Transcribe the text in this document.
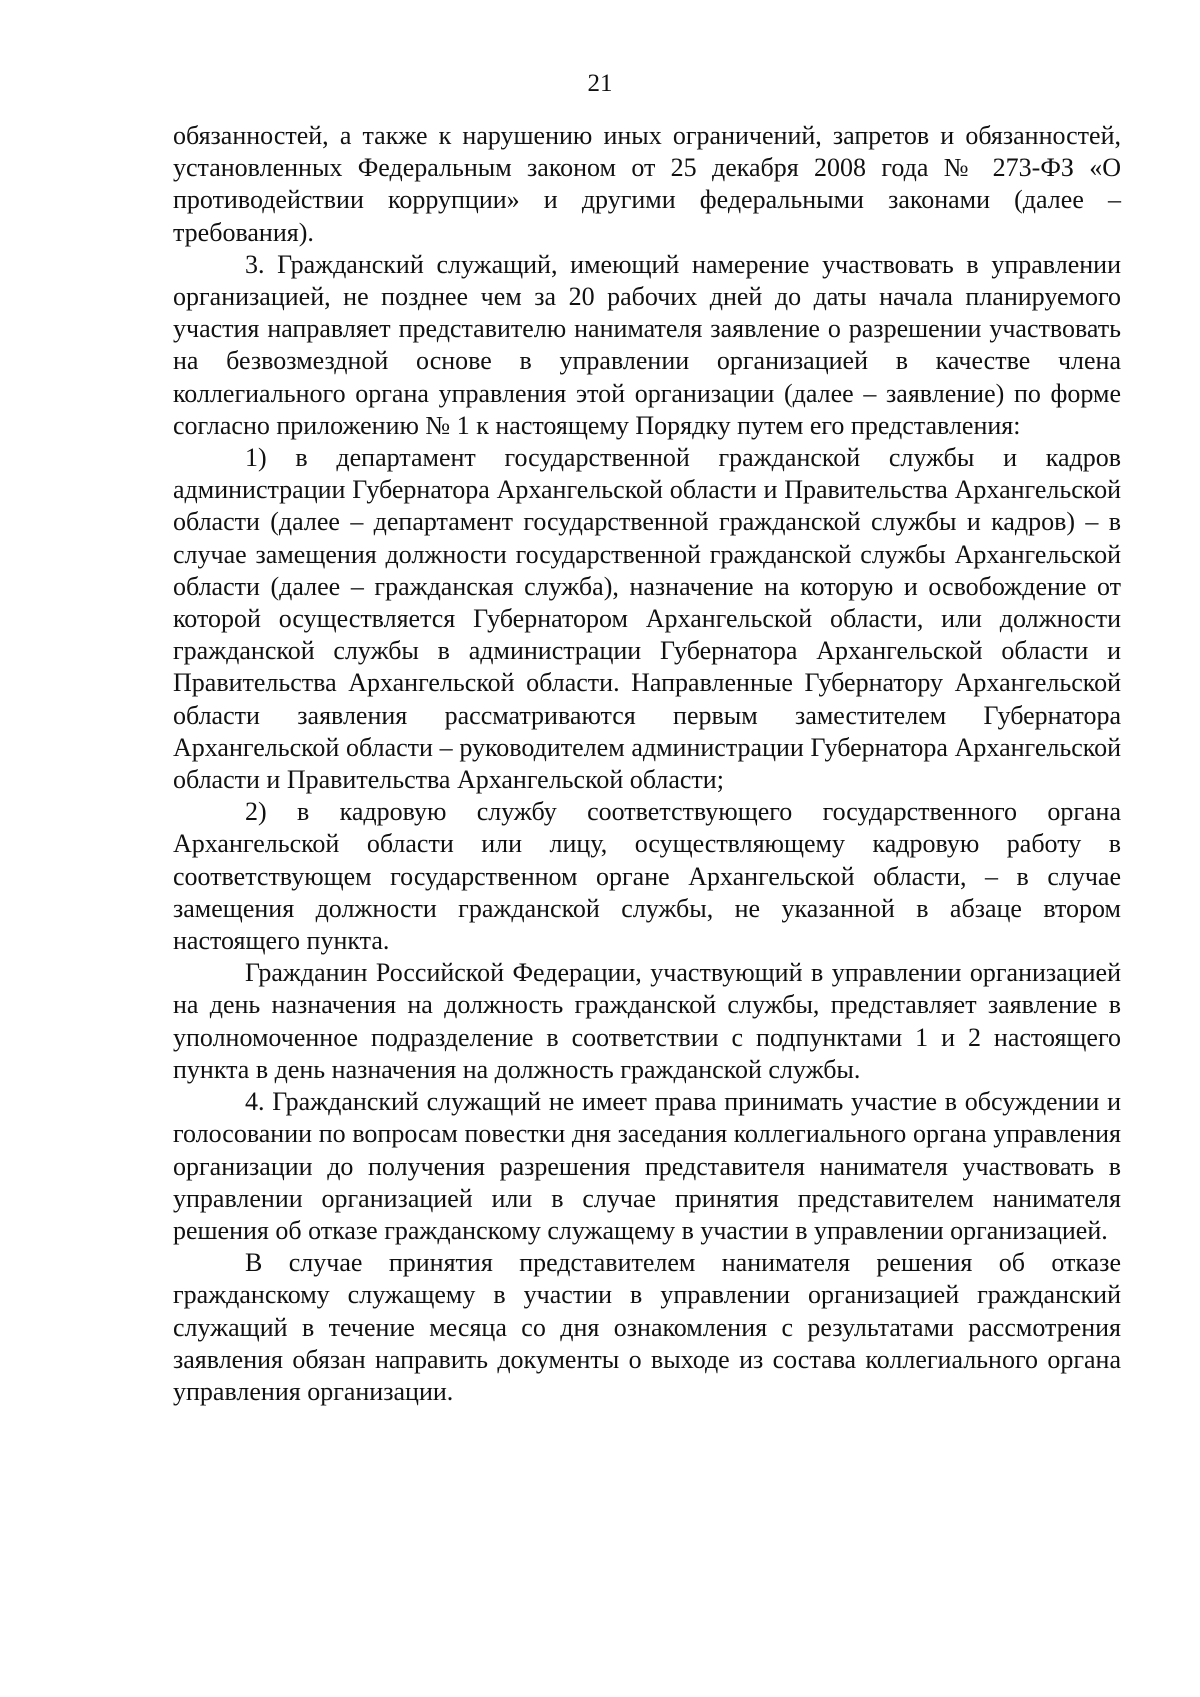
21

обязанностей, а также к нарушению иных ограничений, запретов и обязанностей, установленных Федеральным законом от 25 декабря 2008 года № 273-ФЗ «О противодействии коррупции» и другими федеральными законами (далее – требования).

3. Гражданский служащий, имеющий намерение участвовать в управлении организацией, не позднее чем за 20 рабочих дней до даты начала планируемого участия направляет представителю нанимателя заявление о разрешении участвовать на безвозмездной основе в управлении организацией в качестве члена коллегиального органа управления этой организации (далее – заявление) по форме согласно приложению № 1 к настоящему Порядку путем его представления:

1) в департамент государственной гражданской службы и кадров администрации Губернатора Архангельской области и Правительства Архангельской области (далее – департамент государственной гражданской службы и кадров) – в случае замещения должности государственной гражданской службы Архангельской области (далее – гражданская служба), назначение на которую и освобождение от которой осуществляется Губернатором Архангельской области, или должности гражданской службы в администрации Губернатора Архангельской области и Правительства Архангельской области. Направленные Губернатору Архангельской области заявления рассматриваются первым заместителем Губернатора Архангельской области – руководителем администрации Губернатора Архангельской области и Правительства Архангельской области;

2) в кадровую службу соответствующего государственного органа Архангельской области или лицу, осуществляющему кадровую работу в соответствующем государственном органе Архангельской области, – в случае замещения должности гражданской службы, не указанной в абзаце втором настоящего пункта.

Гражданин Российской Федерации, участвующий в управлении организацией на день назначения на должность гражданской службы, представляет заявление в уполномоченное подразделение в соответствии с подпунктами 1 и 2 настоящего пункта в день назначения на должность гражданской службы.

4. Гражданский служащий не имеет права принимать участие в обсуждении и голосовании по вопросам повестки дня заседания коллегиального органа управления организации до получения разрешения представителя нанимателя участвовать в управлении организацией или в случае принятия представителем нанимателя решения об отказе гражданскому служащему в участии в управлении организацией.

В случае принятия представителем нанимателя решения об отказе гражданскому служащему в участии в управлении организацией гражданский служащий в течение месяца со дня ознакомления с результатами рассмотрения заявления обязан направить документы о выходе из состава коллегиального органа управления организации.
